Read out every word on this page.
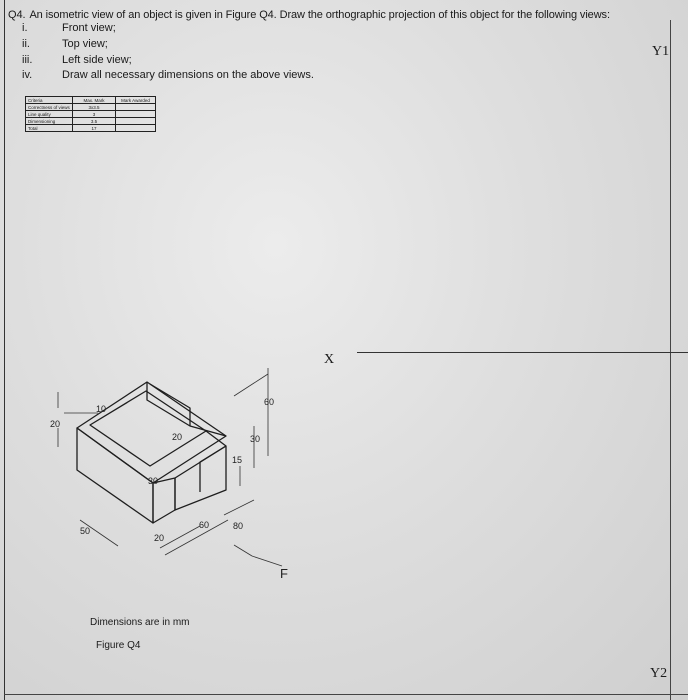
Q4. An isometric view of an object is given in Figure Q4. Draw the orthographic projection of this object for the following views:
i.	Front view;
ii.	Top view;
iii.	Left side view;
iv.	Draw all necessary dimensions on the above views.
Criteria	Max. Mark	Mark Awarded
Correctness of views	3x3.5	
Line quality	3	
Dimensioning	3.5	
Total	17	
Y1
X
Y2
10
20
20
30
60
30
15
50
20
60	80
F
Dimensions are in mm
Figure Q4
